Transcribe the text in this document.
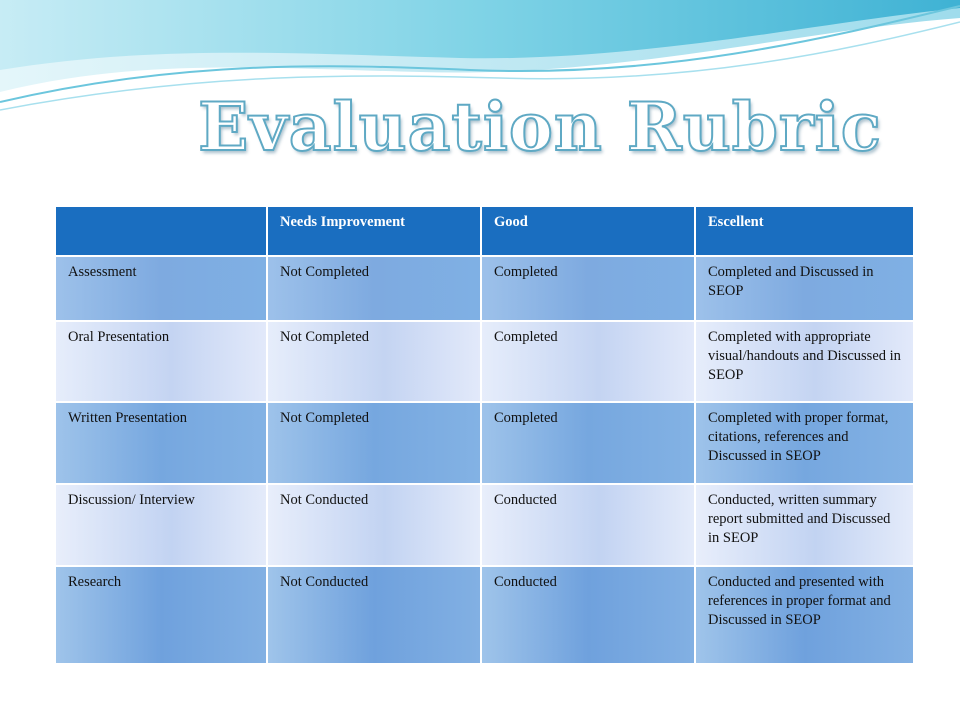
Evaluation Rubric
	Needs Improvement	Good	Escellent
Assessment	Not Completed	Completed	Completed and Discussed in SEOP
Oral Presentation	Not Completed	Completed	Completed with appropriate visual/handouts and Discussed in SEOP
Written Presentation	Not Completed	Completed	Completed with proper format, citations, references and Discussed in SEOP
Discussion/ Interview	Not Conducted	Conducted	Conducted, written summary report submitted and Discussed in SEOP
Research	Not Conducted	Conducted	Conducted and presented with references in proper format and Discussed in SEOP
